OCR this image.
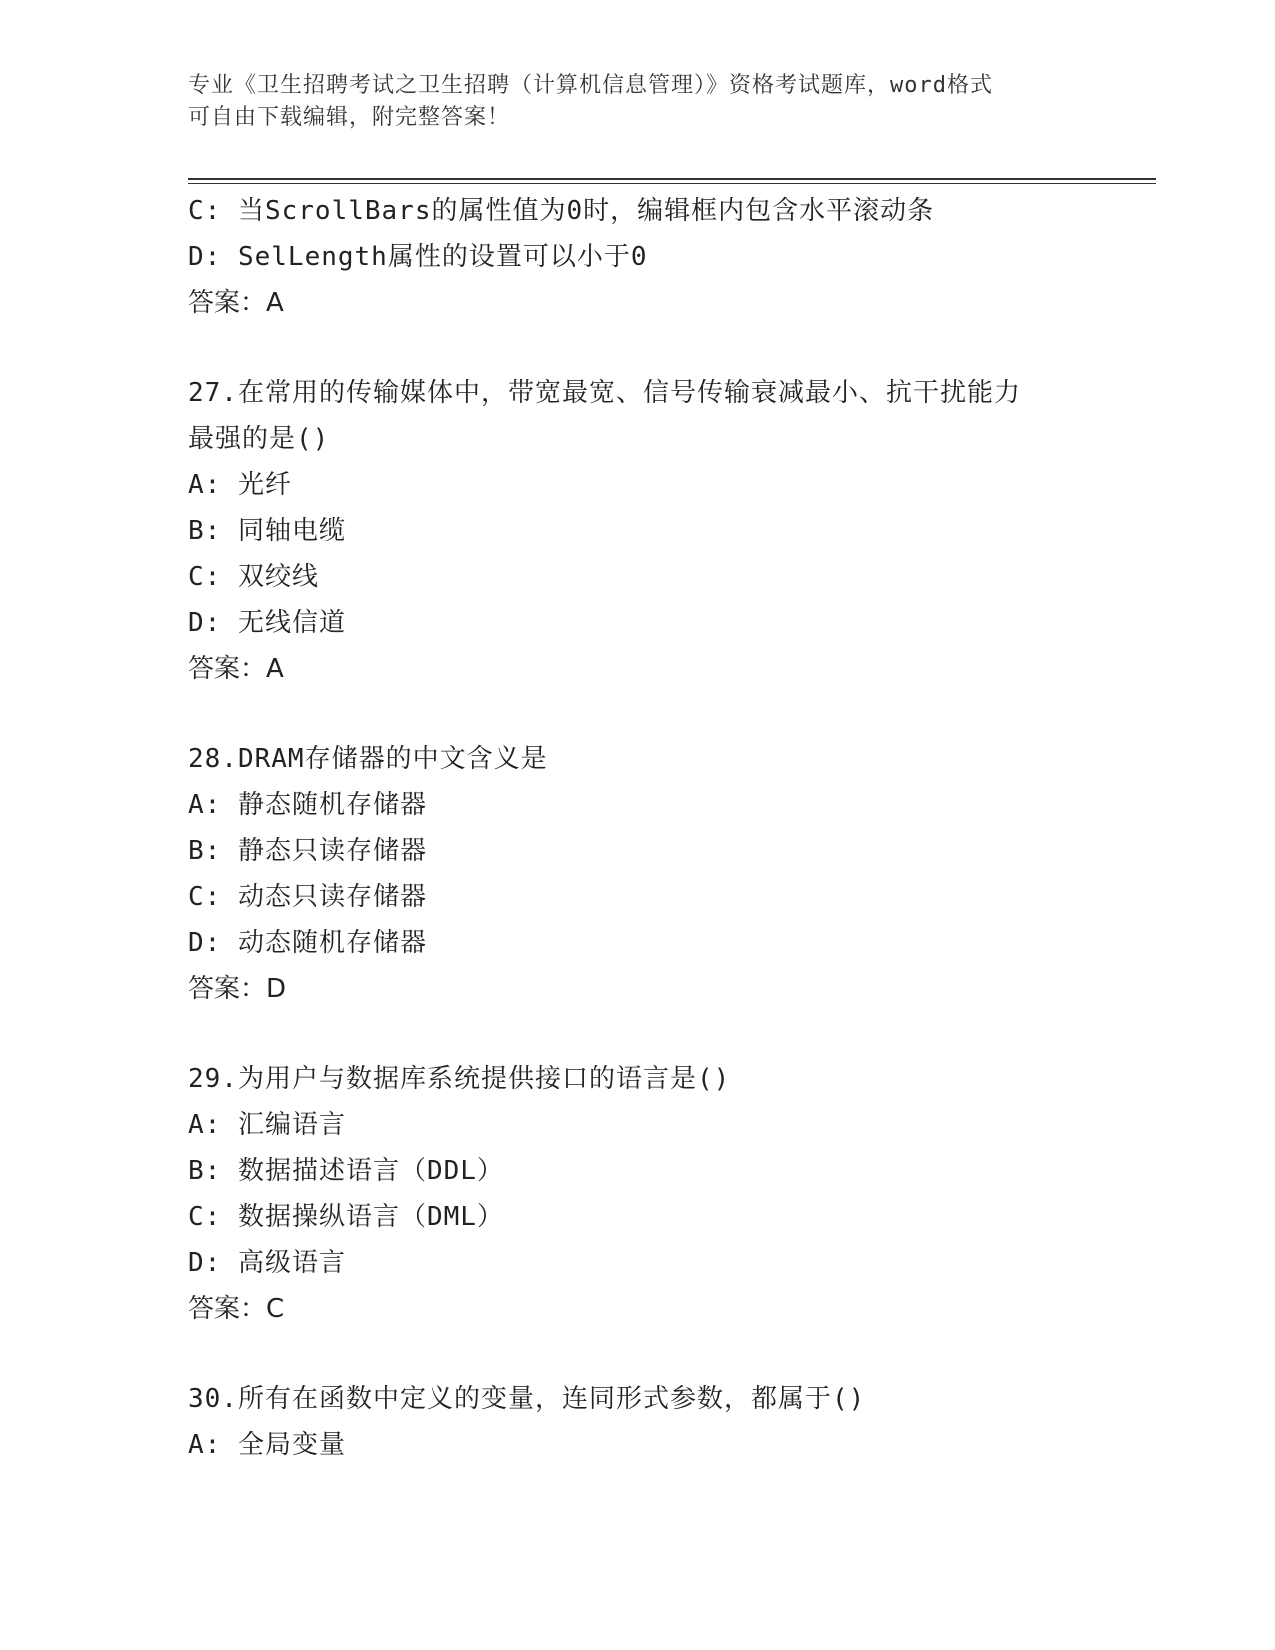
专业《卫生招聘考试之卫生招聘（计算机信息管理）》资格考试题库，word格式
可自由下载编辑，附完整答案！
C: 当ScrollBars的属性值为0时，编辑框内包含水平滚动条
D: SelLength属性的设置可以小于0
答案：A
27.在常用的传输媒体中，带宽最宽、信号传输衰减最小、抗干扰能力
最强的是()
A: 光纤
B: 同轴电缆
C: 双绞线
D: 无线信道
答案：A
28.DRAM存储器的中文含义是
A: 静态随机存储器
B: 静态只读存储器
C: 动态只读存储器
D: 动态随机存储器
答案：D
29.为用户与数据库系统提供接口的语言是()
A: 汇编语言
B: 数据描述语言（DDL）
C: 数据操纵语言（DML）
D: 高级语言
答案：C
30.所有在函数中定义的变量，连同形式参数，都属于()
A: 全局变量
